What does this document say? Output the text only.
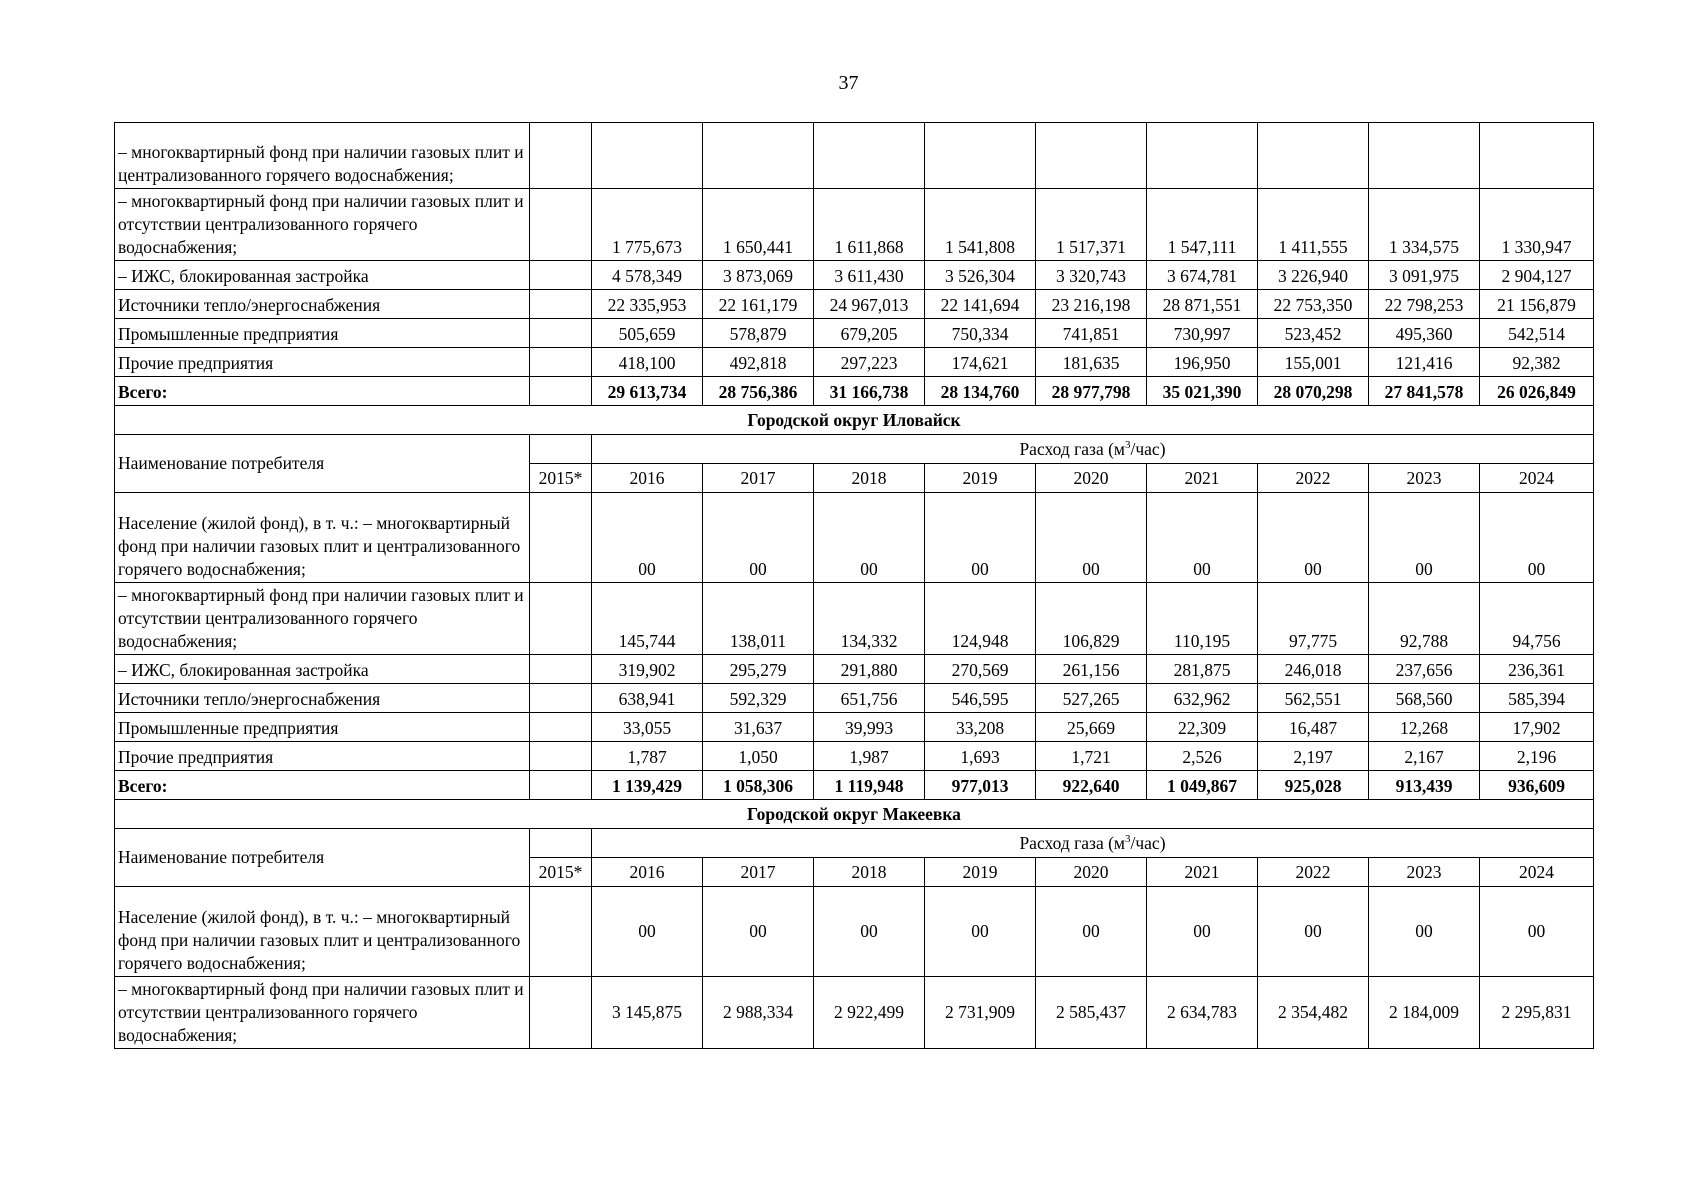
37
– многоквартирный фонд при наличии газовых плит и централизованного горячего водоснабжения;										
– многоквартирный фонд при наличии газовых плит и отсутствии централизованного горячего водоснабжения;		1 775,673	1 650,441	1 611,868	1 541,808	1 517,371	1 547,111	1 411,555	1 334,575	1 330,947
– ИЖС, блокированная застройка		4 578,349	3 873,069	3 611,430	3 526,304	3 320,743	3 674,781	3 226,940	3 091,975	2 904,127
Источники тепло/энергоснабжения		22 335,953	22 161,179	24 967,013	22 141,694	23 216,198	28 871,551	22 753,350	22 798,253	21 156,879
Промышленные предприятия		505,659	578,879	679,205	750,334	741,851	730,997	523,452	495,360	542,514
Прочие предприятия		418,100	492,818	297,223	174,621	181,635	196,950	155,001	121,416	92,382
Всего:		29 613,734	28 756,386	31 166,738	28 134,760	28 977,798	35 021,390	28 070,298	27 841,578	26 026,849
Городской округ Иловайск										
Наименование потребителя		Расход газа $(м^3/час)$								
	2015*	2016	2017	2018	2019	2020	2021	2022	2023	2024
Население (жилой фонд), в т. ч.: – многоквартирный фонд при наличии газовых плит и централизованного горячего водоснабжения;		00	00	00	00	00	00	00	00	00
– многоквартирный фонд при наличии газовых плит и отсутствии централизованного горячего водоснабжения;		145,744	138,011	134,332	124,948	106,829	110,195	97,775	92,788	94,756
– ИЖС, блокированная застройка		319,902	295,279	291,880	270,569	261,156	281,875	246,018	237,656	236,361
Источники тепло/энергоснабжения		638,941	592,329	651,756	546,595	527,265	632,962	562,551	568,560	585,394
Промышленные предприятия		33,055	31,637	39,993	33,208	25,669	22,309	16,487	12,268	17,902
Прочие предприятия		1,787	1,050	1,987	1,693	1,721	2,526	2,197	2,167	2,196
Всего:		1 139,429	1 058,306	1 119,948	977,013	922,640	1 049,867	925,028	913,439	936,609
Городской округ Макеевка										
Наименование потребителя		Расход газа $(м^3/час)$								
	2015*	2016	2017	2018	2019	2020	2021	2022	2023	2024
Население (жилой фонд), в т. ч.: – многоквартирный фонд при наличии газовых плит и централизованного горячего водоснабжения;		00	00	00	00	00	00	00	00	00
– многоквартирный фонд при наличии газовых плит и отсутствии централизованного горячего водоснабжения;		3 145,875	2 988,334	2 922,499	2 731,909	2 585,437	2 634,783	2 354,482	2 184,009	2 295,831
